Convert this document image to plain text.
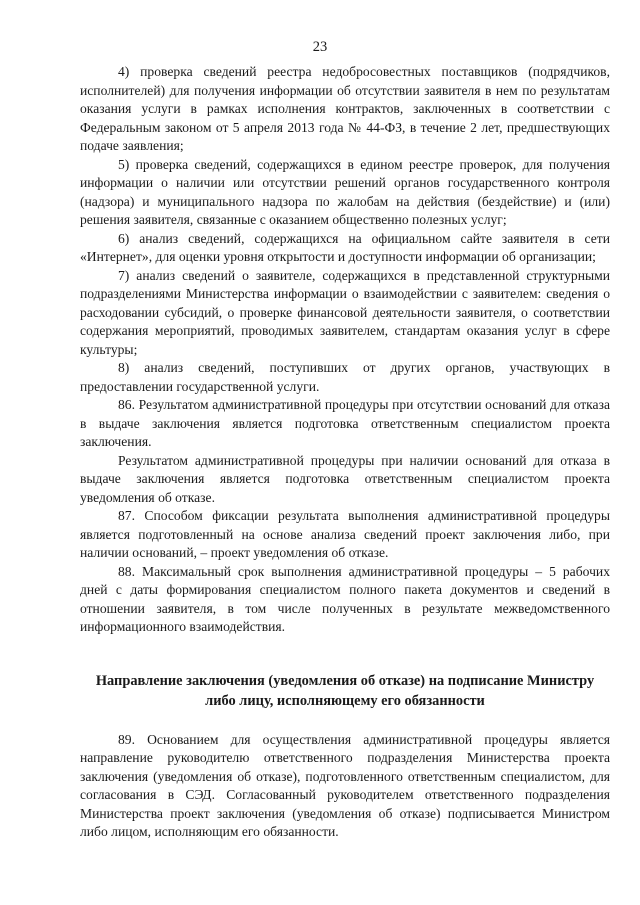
23

4) проверка сведений реестра недобросовестных поставщиков (подрядчиков, исполнителей) для получения информации об отсутствии заявителя в нем по результатам оказания услуги в рамках исполнения контрактов, заключенных в соответствии с Федеральным законом от 5 апреля 2013 года № 44-ФЗ, в течение 2 лет, предшествующих подаче заявления;

5) проверка сведений, содержащихся в едином реестре проверок, для получения информации о наличии или отсутствии решений органов государственного контроля (надзора) и муниципального надзора по жалобам на действия (бездействие) и (или) решения заявителя, связанные с оказанием общественно полезных услуг;

6) анализ сведений, содержащихся на официальном сайте заявителя в сети «Интернет», для оценки уровня открытости и доступности информации об организации;

7) анализ сведений о заявителе, содержащихся в представленной структурными подразделениями Министерства информации о взаимодействии с заявителем: сведения о расходовании субсидий, о проверке финансовой деятельности заявителя, о соответствии содержания мероприятий, проводимых заявителем, стандартам оказания услуг в сфере культуры;

8) анализ сведений, поступивших от других органов, участвующих в предоставлении государственной услуги.

86. Результатом административной процедуры при отсутствии оснований для отказа в выдаче заключения является подготовка ответственным специалистом проекта заключения.

Результатом административной процедуры при наличии оснований для отказа в выдаче заключения является подготовка ответственным специалистом проекта уведомления об отказе.

87. Способом фиксации результата выполнения административной процедуры является подготовленный на основе анализа сведений проект заключения либо, при наличии оснований, – проект уведомления об отказе.

88. Максимальный срок выполнения административной процедуры – 5 рабочих дней с даты формирования специалистом полного пакета документов и сведений в отношении заявителя, в том числе полученных в результате межведомственного информационного взаимодействия.

Направление заключения (уведомления об отказе) на подписание Министру либо лицу, исполняющему его обязанности

89. Основанием для осуществления административной процедуры является направление руководителю ответственного подразделения Министерства проекта заключения (уведомления об отказе), подготовленного ответственным специалистом, для согласования в СЭД. Согласованный руководителем ответственного подразделения Министерства проект заключения (уведомления об отказе) подписывается Министром либо лицом, исполняющим его обязанности.
